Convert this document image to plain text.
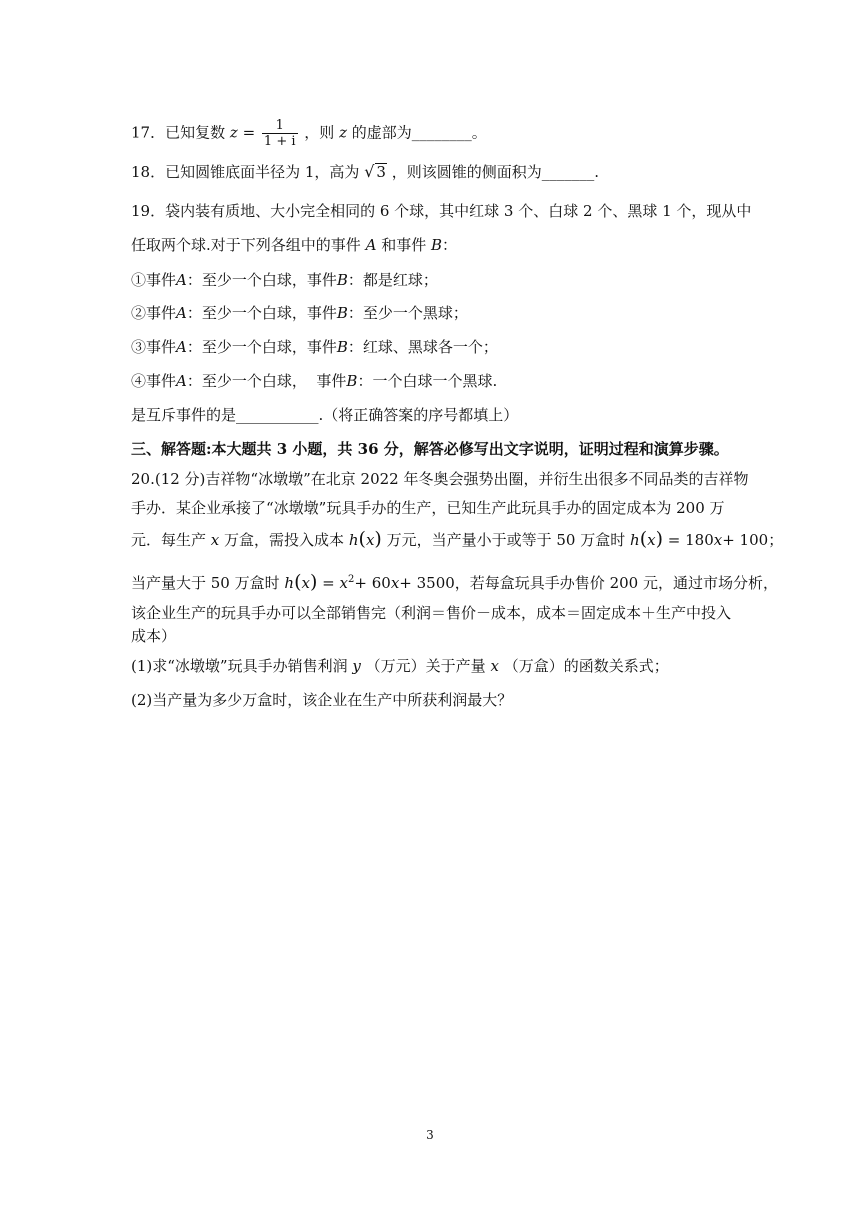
17．已知复数 $z = \frac{1}{1 + i}$ ，则 z 的虚部为________。
18．已知圆锥底面半径为 1，高为 √ 3 ，则该圆锥的侧面积为_______.
19．袋内装有质地、大小完全相同的 6 个球，其中红球 3 个、白球 2 个、黑球 1 个，现从中
任取两个球.对于下列各组中的事件 A 和事件 B：
①事件A：至少一个白球，事件B：都是红球；
②事件A：至少一个白球，事件B：至少一个黑球；
③事件A：至少一个白球，事件B：红球、黑球各一个；
④事件A：至少一个白球，  事件B：一个白球一个黑球.
是互斥事件的是___________.（将正确答案的序号都填上）
三、解答题:本大题共 3 小题，共 36 分，解答必修写出文字说明，证明过程和演算步骤。
20.(12 分)吉祥物“冰墩墩”在北京 2022 年冬奥会强势出圈，并衍生出很多不同品类的吉祥物
手办．某企业承接了“冰墩墩”玩具手办的生产，已知生产此玩具手办的固定成本为 200 万
元．每生产 x 万盒，需投入成本 h(x) 万元，当产量小于或等于 50 万盒时 h(x) = 180x+ 100；
当产量大于 50 万盒时 $h(x) = x^2+ 60x+ 3500$，若每盒玩具手办售价 200 元，通过市场分析，
该企业生产的玩具手办可以全部销售完（利润＝售价－成本，成本＝固定成本＋生产中投入
成本）
(1)求“冰墩墩”玩具手办销售利润 y （万元）关于产量 x （万盒）的函数关系式；
(2)当产量为多少万盒时，该企业在生产中所获利润最大？
3
